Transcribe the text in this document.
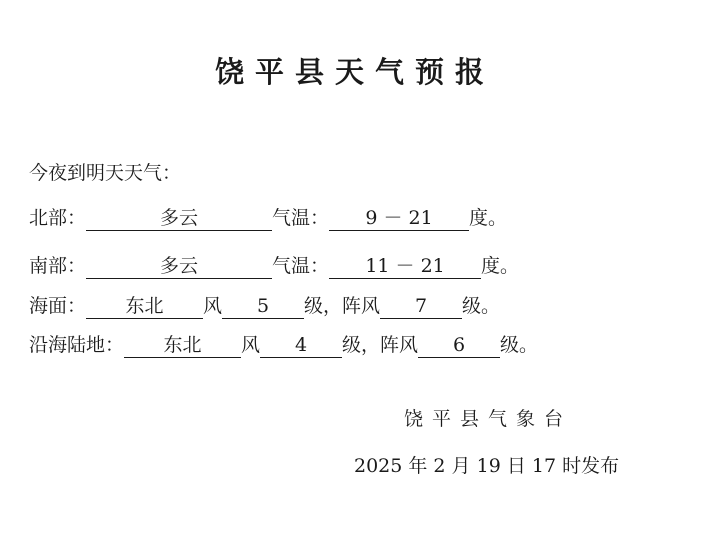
饶平县天气预报
今夜到明天天气：
北部：	多云	气温： 9 － 21 度。
南部：	多云	气温： 11 － 21 度。
海面： 东北 风 5 级，阵风 7 级。
沿海陆地： 东北 风 4 级，阵风 6 级。
饶平县气象台
2025 年 2 月 19 日 17 时发布
